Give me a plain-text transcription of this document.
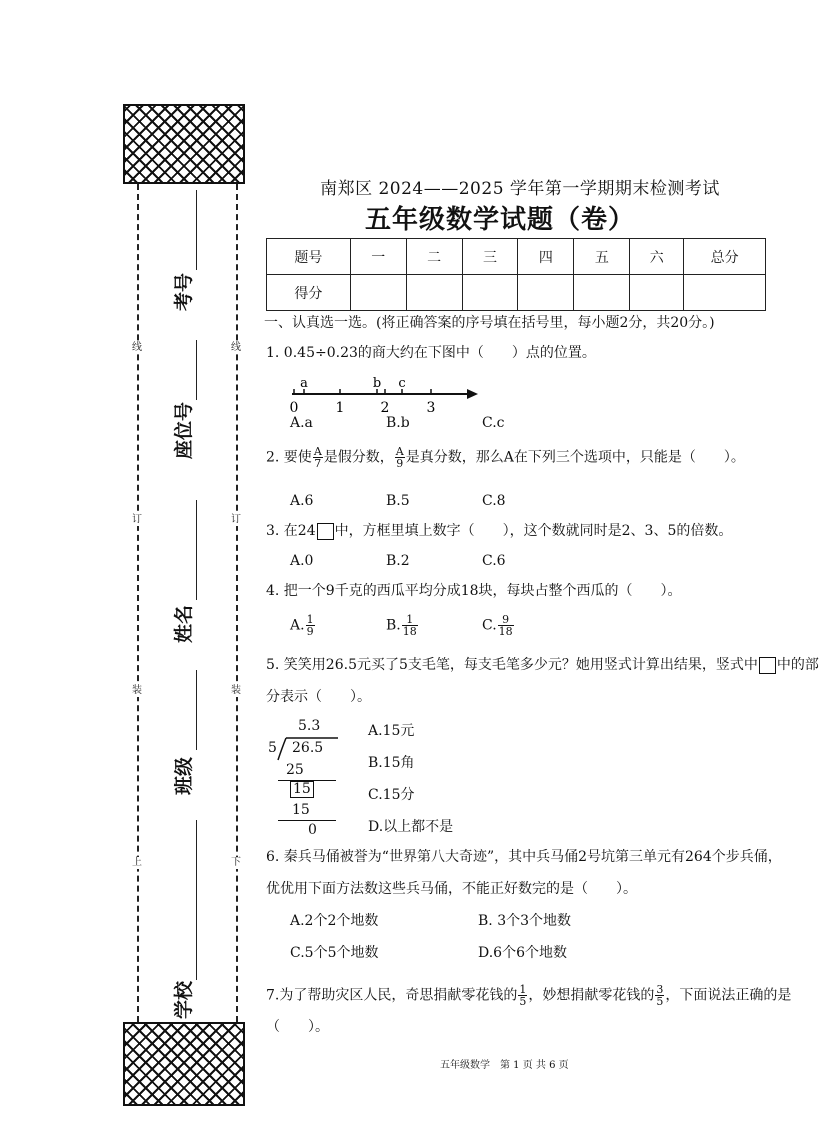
线
订
装
上
线
订
装
下
考号
座位号
姓名
班级
学校
南郑区 2024——2025 学年第一学期期末检测考试
五年级数学试题（卷）
题号	一	二	三	四	五	六	总分
得分							
一、认真选一选。(将正确答案的序号填在括号里，每小题2分，共20分。)
1. 0.45÷0.23的商大约在下图中（　　）点的位置。
a	b c
0	1	2	3
A.a	B.b	C.c
2. 要使 $\frac{A}{7}$ 是假分数， $\frac{A}{9}$ 是真分数，那么A在下列三个选项中，只能是（　　）。
A.6	B.5	C.8
3. 在24 中，方框里填上数字（　　），这个数就同时是2、3、5的倍数。
A.0	B.2	C.6
4. 把一个9千克的西瓜平均分成18块，每块占整个西瓜的（　　）。
A. $\frac{1}{9}$	B. $\frac{1}{18}$	C. $\frac{9}{18}$
5. 笑笑用26.5元买了5支毛笔，每支毛笔多少元？她用竖式计算出结果，竖式中 中的部
分表示（　　）。
5.3
5 26.5
25
15
15
0
A.15元
B.15角
C.15分
D.以上都不是
6. 秦兵马俑被誉为“世界第八大奇迹”，其中兵马俑2号坑第三单元有264个步兵俑，
优优用下面方法数这些兵马俑，不能正好数完的是（　　）。
A.2个2个地数	B. 3个3个地数
C.5个5个地数	D.6个6个地数
7.为了帮助灾区人民，奇思捐献零花钱的 $\frac{1}{5}$ ，妙想捐献零花钱的 $\frac{3}{5}$ ，下面说法正确的是
（　　）。
五年级数学　第 1 页 共 6 页
